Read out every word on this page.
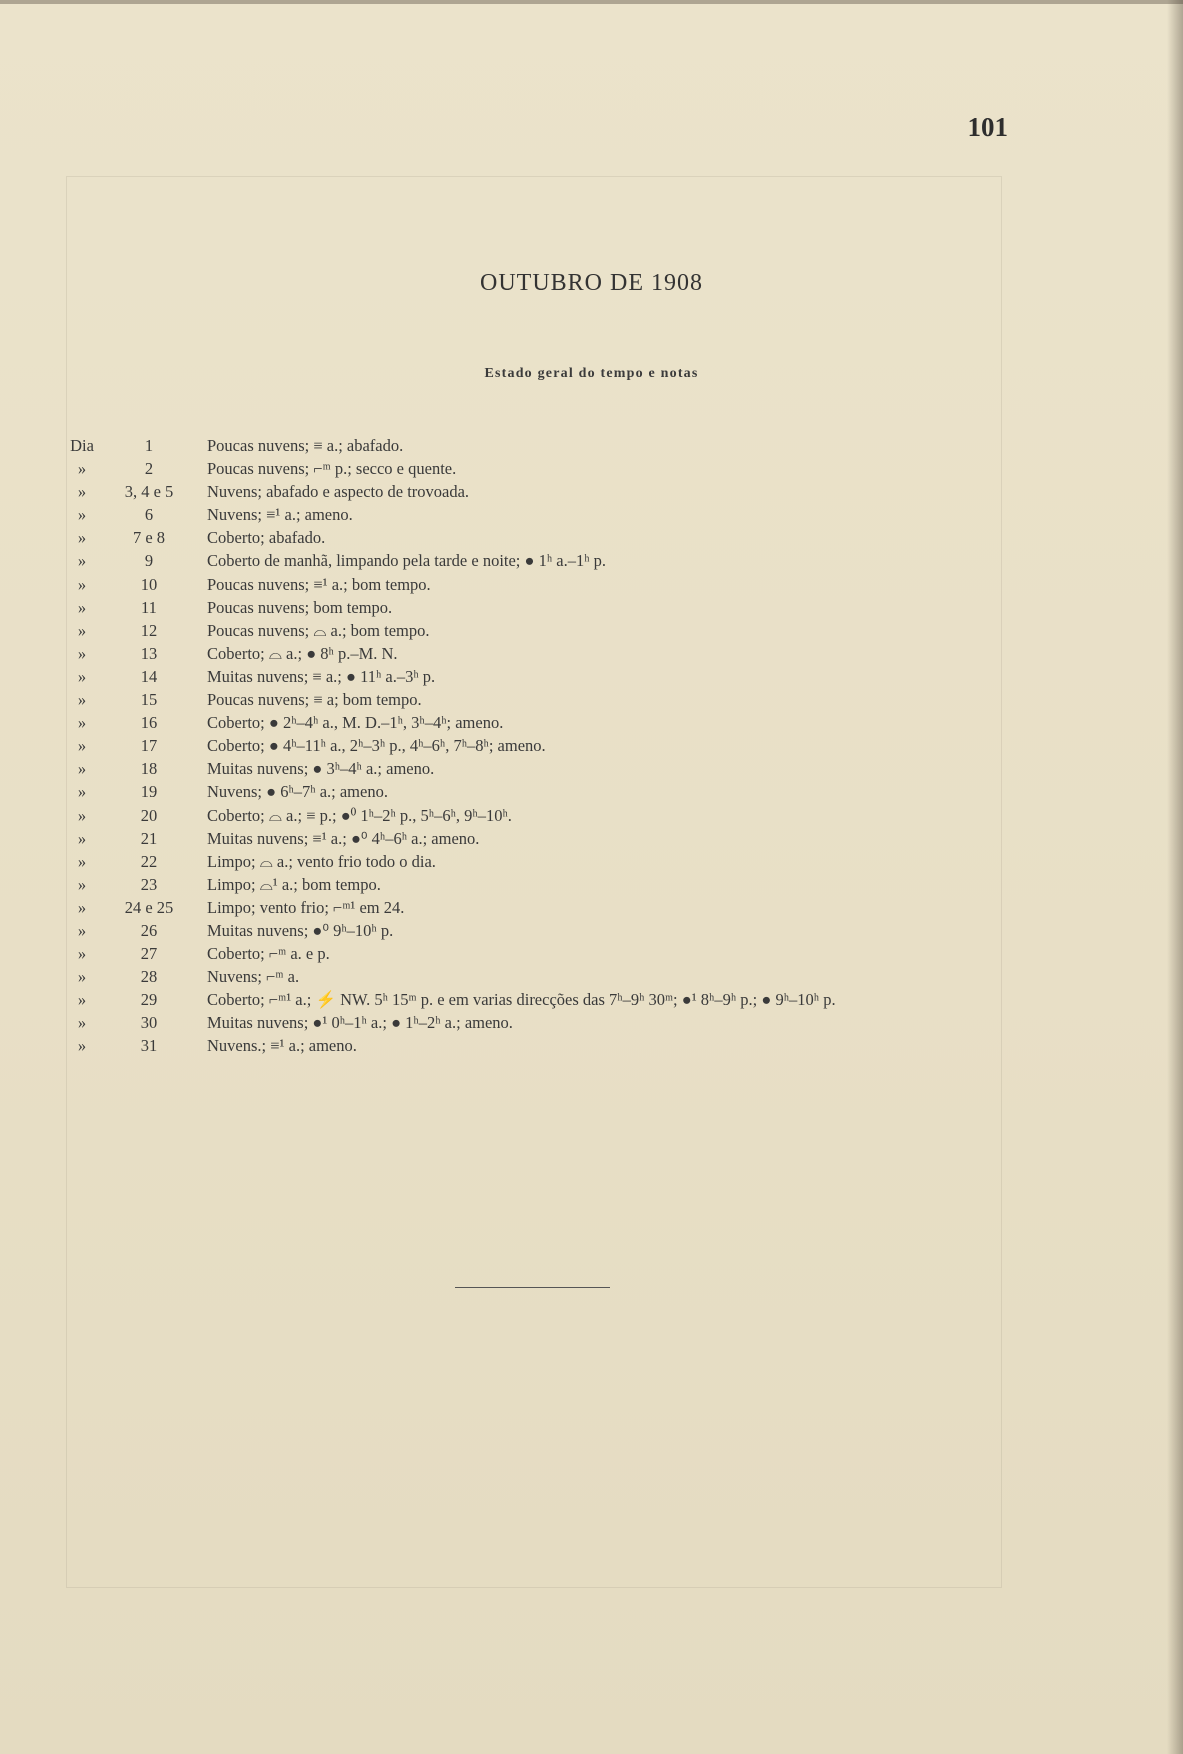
101
OUTUBRO DE 1908
Estado geral do tempo e notas
Dia	1	Poucas nuvens; ≡ a.; abafado.
»	2	Poucas nuvens; ⌐ᵐ p.; secco e quente.
»	3, 4 e 5	Nuvens; abafado e aspecto de trovoada.
»	6	Nuvens; ≡¹ a.; ameno.
»	7 e 8	Coberto; abafado.
»	9	Coberto de manhã, limpando pela tarde e noite; ● 1ʰ a.–1ʰ p.
»	10	Poucas nuvens; ≡¹ a.; bom tempo.
»	11	Poucas nuvens; bom tempo.
»	12	Poucas nuvens; ⌓ a.; bom tempo.
»	13	Coberto; ⌓ a.; ● 8ʰ p.–M. N.
»	14	Muitas nuvens; ≡ a.; ● 11ʰ a.–3ʰ p.
»	15	Poucas nuvens; ≡ a; bom tempo.
»	16	Coberto; ● 2ʰ–4ʰ a., M. D.–1ʰ, 3ʰ–4ʰ; ameno.
»	17	Coberto; ● 4ʰ–11ʰ a., 2ʰ–3ʰ p., 4ʰ–6ʰ, 7ʰ–8ʰ; ameno.
»	18	Muitas nuvens; ● 3ʰ–4ʰ a.; ameno.
»	19	Nuvens; ● 6ʰ–7ʰ a.; ameno.
»	20	Coberto; ⌓ a.; ≡ p.; ●⁰ 1ʰ–2ʰ p., 5ʰ–6ʰ, 9ʰ–10ʰ.
»	21	Muitas nuvens; ≡¹ a.; ●⁰ 4ʰ–6ʰ a.; ameno.
»	22	Limpo; ⌓ a.; vento frio todo o dia.
»	23	Limpo; ⌓¹ a.; bom tempo.
»	24 e 25	Limpo; vento frio; ⌐ᵐ¹ em 24.
»	26	Muitas nuvens; ●⁰ 9ʰ–10ʰ p.
»	27	Coberto; ⌐ᵐ a. e p.
»	28	Nuvens; ⌐ᵐ a.
»	29	Coberto; ⌐ᵐ¹ a.; ⚡ NW. 5ʰ 15ᵐ p. e em varias direcções das 7ʰ–9ʰ 30ᵐ; ●¹ 8ʰ–9ʰ p.; ● 9ʰ–10ʰ p.
»	30	Muitas nuvens; ●¹ 0ʰ–1ʰ a.; ● 1ʰ–2ʰ a.; ameno.
»	31	Nuvens.; ≡¹ a.; ameno.
